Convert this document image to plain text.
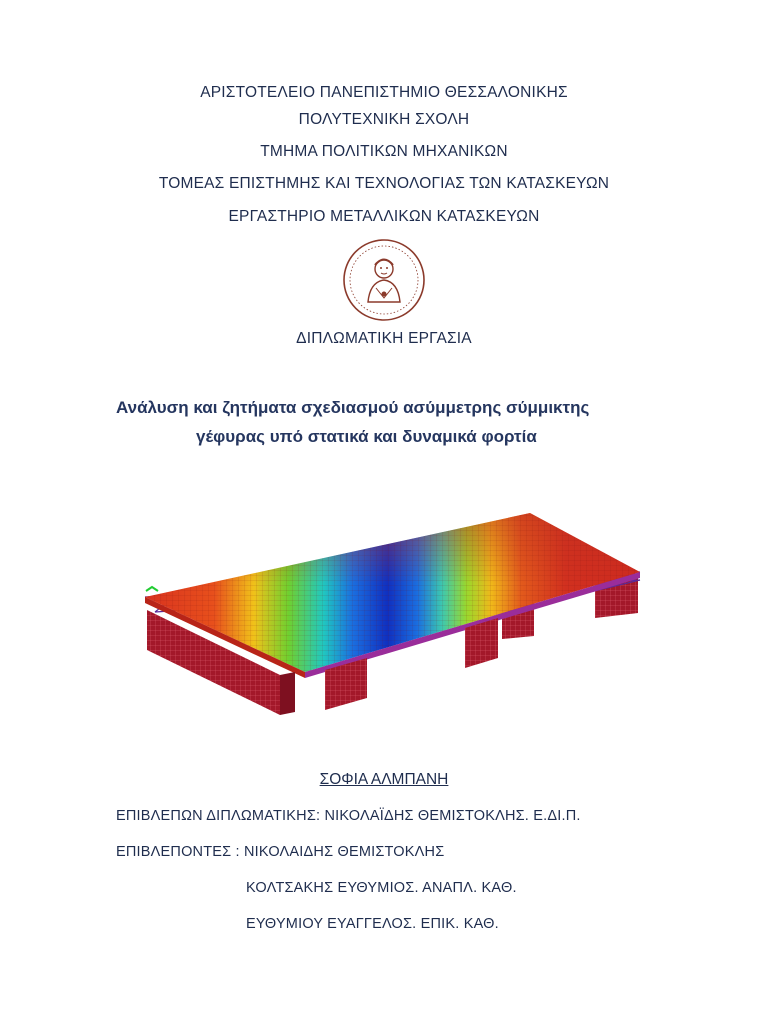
ΑΡΙΣΤΟΤΕΛΕΙΟ ΠΑΝΕΠΙΣΤΗΜΙΟ ΘΕΣΣΑΛΟΝΙΚΗΣ
ΠΟΛΥΤΕΧΝΙΚΗ ΣΧΟΛΗ
ΤΜΗΜΑ ΠΟΛΙΤΙΚΩΝ ΜΗΧΑΝΙΚΩΝ
ΤΟΜΕΑΣ ΕΠΙΣΤΗΜΗΣ ΚΑΙ ΤΕΧΝΟΛΟΓΙΑΣ ΤΩΝ ΚΑΤΑΣΚΕΥΩΝ
ΕΡΓΑΣΤΗΡΙΟ ΜΕΤΑΛΛΙΚΩΝ ΚΑΤΑΣΚΕΥΩΝ
ΔΙΠΛΩΜΑΤΙΚΗ ΕΡΓΑΣΙΑ
Ανάλυση και ζητήματα σχεδιασμού ασύμμετρης σύμμικτης
γέφυρας υπό στατικά και δυναμικά φορτία
ΣΟΦΙΑ ΑΛΜΠΑΝΗ
ΕΠΙΒΛΕΠΩΝ ΔΙΠΛΩΜΑΤΙΚΗΣ: ΝΙΚΟΛΑΪΔΗΣ ΘΕΜΙΣΤΟΚΛΗΣ. Ε.ΔΙ.Π.
ΕΠΙΒΛΕΠΟΝΤΕΣ : ΝΙΚΟΛΑΙΔΗΣ ΘΕΜΙΣΤΟΚΛΗΣ
ΚΟΛΤΣΑΚΗΣ ΕΥΘΥΜΙΟΣ. ΑΝΑΠΛ. ΚΑΘ.
ΕΥΘΥΜΙΟΥ ΕΥΑΓΓΕΛΟΣ. ΕΠΙΚ. ΚΑΘ.
